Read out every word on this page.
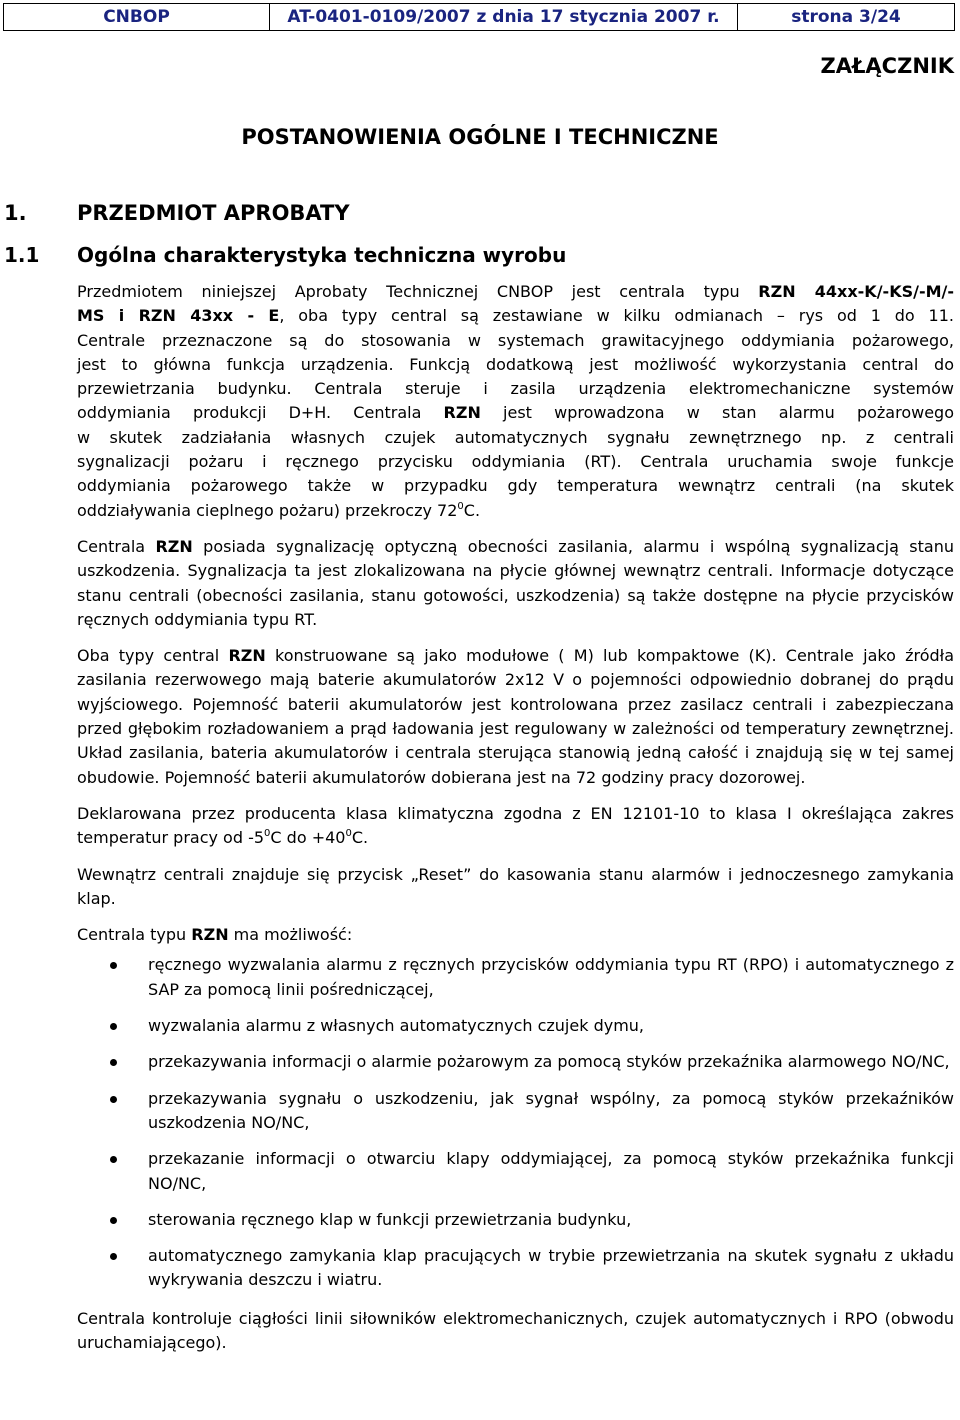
CNBOP	AT-0401-0109/2007 z dnia 17 stycznia 2007 r.	strona 3/24
ZAŁĄCZNIK
POSTANOWIENIA OGÓLNE I TECHNICZNE
1. PRZEDMIOT APROBATY
1.1 Ogólna charakterystyka techniczna wyrobu

Przedmiotem niniejszej Aprobaty Technicznej CNBOP jest centrala typu RZN 44xx-K/-KS/-M/-
MS i RZN 43xx - E, oba typy central są zestawiane w kilku odmianach – rys od 1 do 11.
Centrale przeznaczone są do stosowania w systemach grawitacyjnego oddymiania pożarowego,
jest to główna funkcja urządzenia. Funkcją dodatkową jest możliwość wykorzystania central do
przewietrzania budynku. Centrala steruje i zasila urządzenia elektromechaniczne systemów
oddymiania produkcji D+H. Centrala RZN jest wprowadzona w stan alarmu pożarowego
w skutek zadziałania własnych czujek automatycznych sygnału zewnętrznego np. z centrali
sygnalizacji pożaru i ręcznego przycisku oddymiania (RT). Centrala uruchamia swoje funkcje
oddymiania pożarowego także w przypadku gdy temperatura wewnątrz centrali (na skutek
oddziaływania cieplnego pożaru) przekroczy $72^0C$.

Centrala RZN posiada sygnalizację optyczną obecności zasilania, alarmu i wspólną sygnalizacją stanu uszkodzenia. Sygnalizacja ta jest zlokalizowana na płycie głównej wewnątrz centrali. Informacje dotyczące stanu centrali (obecności zasilania, stanu gotowości, uszkodzenia) są także dostępne na płycie przycisków ręcznych oddymiania typu RT.

Oba typy central RZN konstruowane są jako modułowe ( M) lub kompaktowe (K). Centrale jako źródła zasilania rezerwowego mają baterie akumulatorów 2x12 V o pojemności odpowiednio dobranej do prądu wyjściowego. Pojemność baterii akumulatorów jest kontrolowana przez zasilacz centrali i zabezpieczana przed głębokim rozładowaniem a prąd ładowania jest regulowany w zależności od temperatury zewnętrznej. Układ zasilania, bateria akumulatorów i centrala sterująca stanowią jedną całość i znajdują się w tej samej obudowie. Pojemność baterii akumulatorów dobierana jest na 72 godziny pracy dozorowej.

Deklarowana przez producenta klasa klimatyczna zgodna z EN 12101-10 to klasa I określająca zakres temperatur pracy od $-5^0C$ do $+40^0C$.

Wewnątrz centrali znajduje się przycisk „Reset” do kasowania stanu alarmów i jednoczesnego zamykania klap.

Centrala typu RZN ma możliwość:

ręcznego wyzwalania alarmu z ręcznych przycisków oddymiania typu RT (RPO) i automatycznego z SAP za pomocą linii pośredniczącej,
wyzwalania alarmu z własnych automatycznych czujek dymu,
przekazywania informacji o alarmie pożarowym za pomocą styków przekaźnika alarmowego NO/NC,
przekazywania sygnału o uszkodzeniu, jak sygnał wspólny, za pomocą styków przekaźników uszkodzenia NO/NC,
przekazanie informacji o otwarciu klapy oddymiającej, za pomocą styków przekaźnika funkcji NO/NC,
sterowania ręcznego klap w funkcji przewietrzania budynku,
automatycznego zamykania klap pracujących w trybie przewietrzania na skutek sygnału z układu wykrywania deszczu i wiatru.

Centrala kontroluje ciągłości linii siłowników elektromechanicznych, czujek automatycznych i RPO (obwodu uruchamiającego).
